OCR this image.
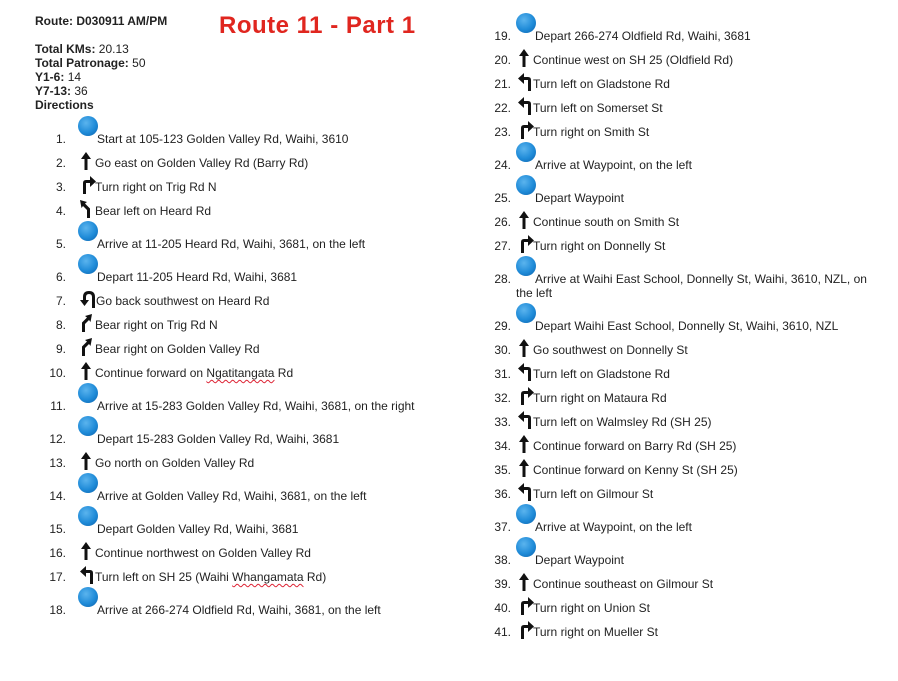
Route: D030911 AM/PM
Total KMs: 20.13
Total Patronage: 50
Y1-6: 14
Y7-13: 36
Directions
Route 11 - Part 1
1.	Start at 105-123 Golden Valley Rd, Waihi, 3610
2. Go east on Golden Valley Rd (Barry Rd)
3. Turn right on Trig Rd N
4. Bear left on Heard Rd
5.	Arrive at 11-205 Heard Rd, Waihi, 3681, on the left
6.	Depart 11-205 Heard Rd, Waihi, 3681
7.	Go back southwest on Heard Rd
8. Bear right on Trig Rd N
9. Bear right on Golden Valley Rd
10. Continue forward on Ngatitangata Rd
11.	Arrive at 15-283 Golden Valley Rd, Waihi, 3681, on the right
12.	Depart 15-283 Golden Valley Rd, Waihi, 3681
13. Go north on Golden Valley Rd
14.	Arrive at Golden Valley Rd, Waihi, 3681, on the left
15.	Depart Golden Valley Rd, Waihi, 3681
16. Continue northwest on Golden Valley Rd
17. Turn left on SH 25 (Waihi Whangamata Rd)
18.	Arrive at 266-274 Oldfield Rd, Waihi, 3681, on the left
19. Depart 266-274 Oldfield Rd, Waihi, 3681
20. Continue west on SH 25 (Oldfield Rd)
21. Turn left on Gladstone Rd
22. Turn left on Somerset St
23. Turn right on Smith St
24. Arrive at Waypoint, on the left
25. Depart Waypoint
26. Continue south on Smith St
27. Turn right on Donnelly St
28.	Arrive at Waihi East School, Donnelly St, Waihi, 3610, NZL, on the left
29. Depart Waihi East School, Donnelly St, Waihi, 3610, NZL
30. Go southwest on Donnelly St
31. Turn left on Gladstone Rd
32. Turn right on Mataura Rd
33. Turn left on Walmsley Rd (SH 25)
34. Continue forward on Barry Rd (SH 25)
35. Continue forward on Kenny St (SH 25)
36. Turn left on Gilmour St
37. Arrive at Waypoint, on the left
38. Depart Waypoint
39. Continue southeast on Gilmour St
40. Turn right on Union St
41. Turn right on Mueller St
